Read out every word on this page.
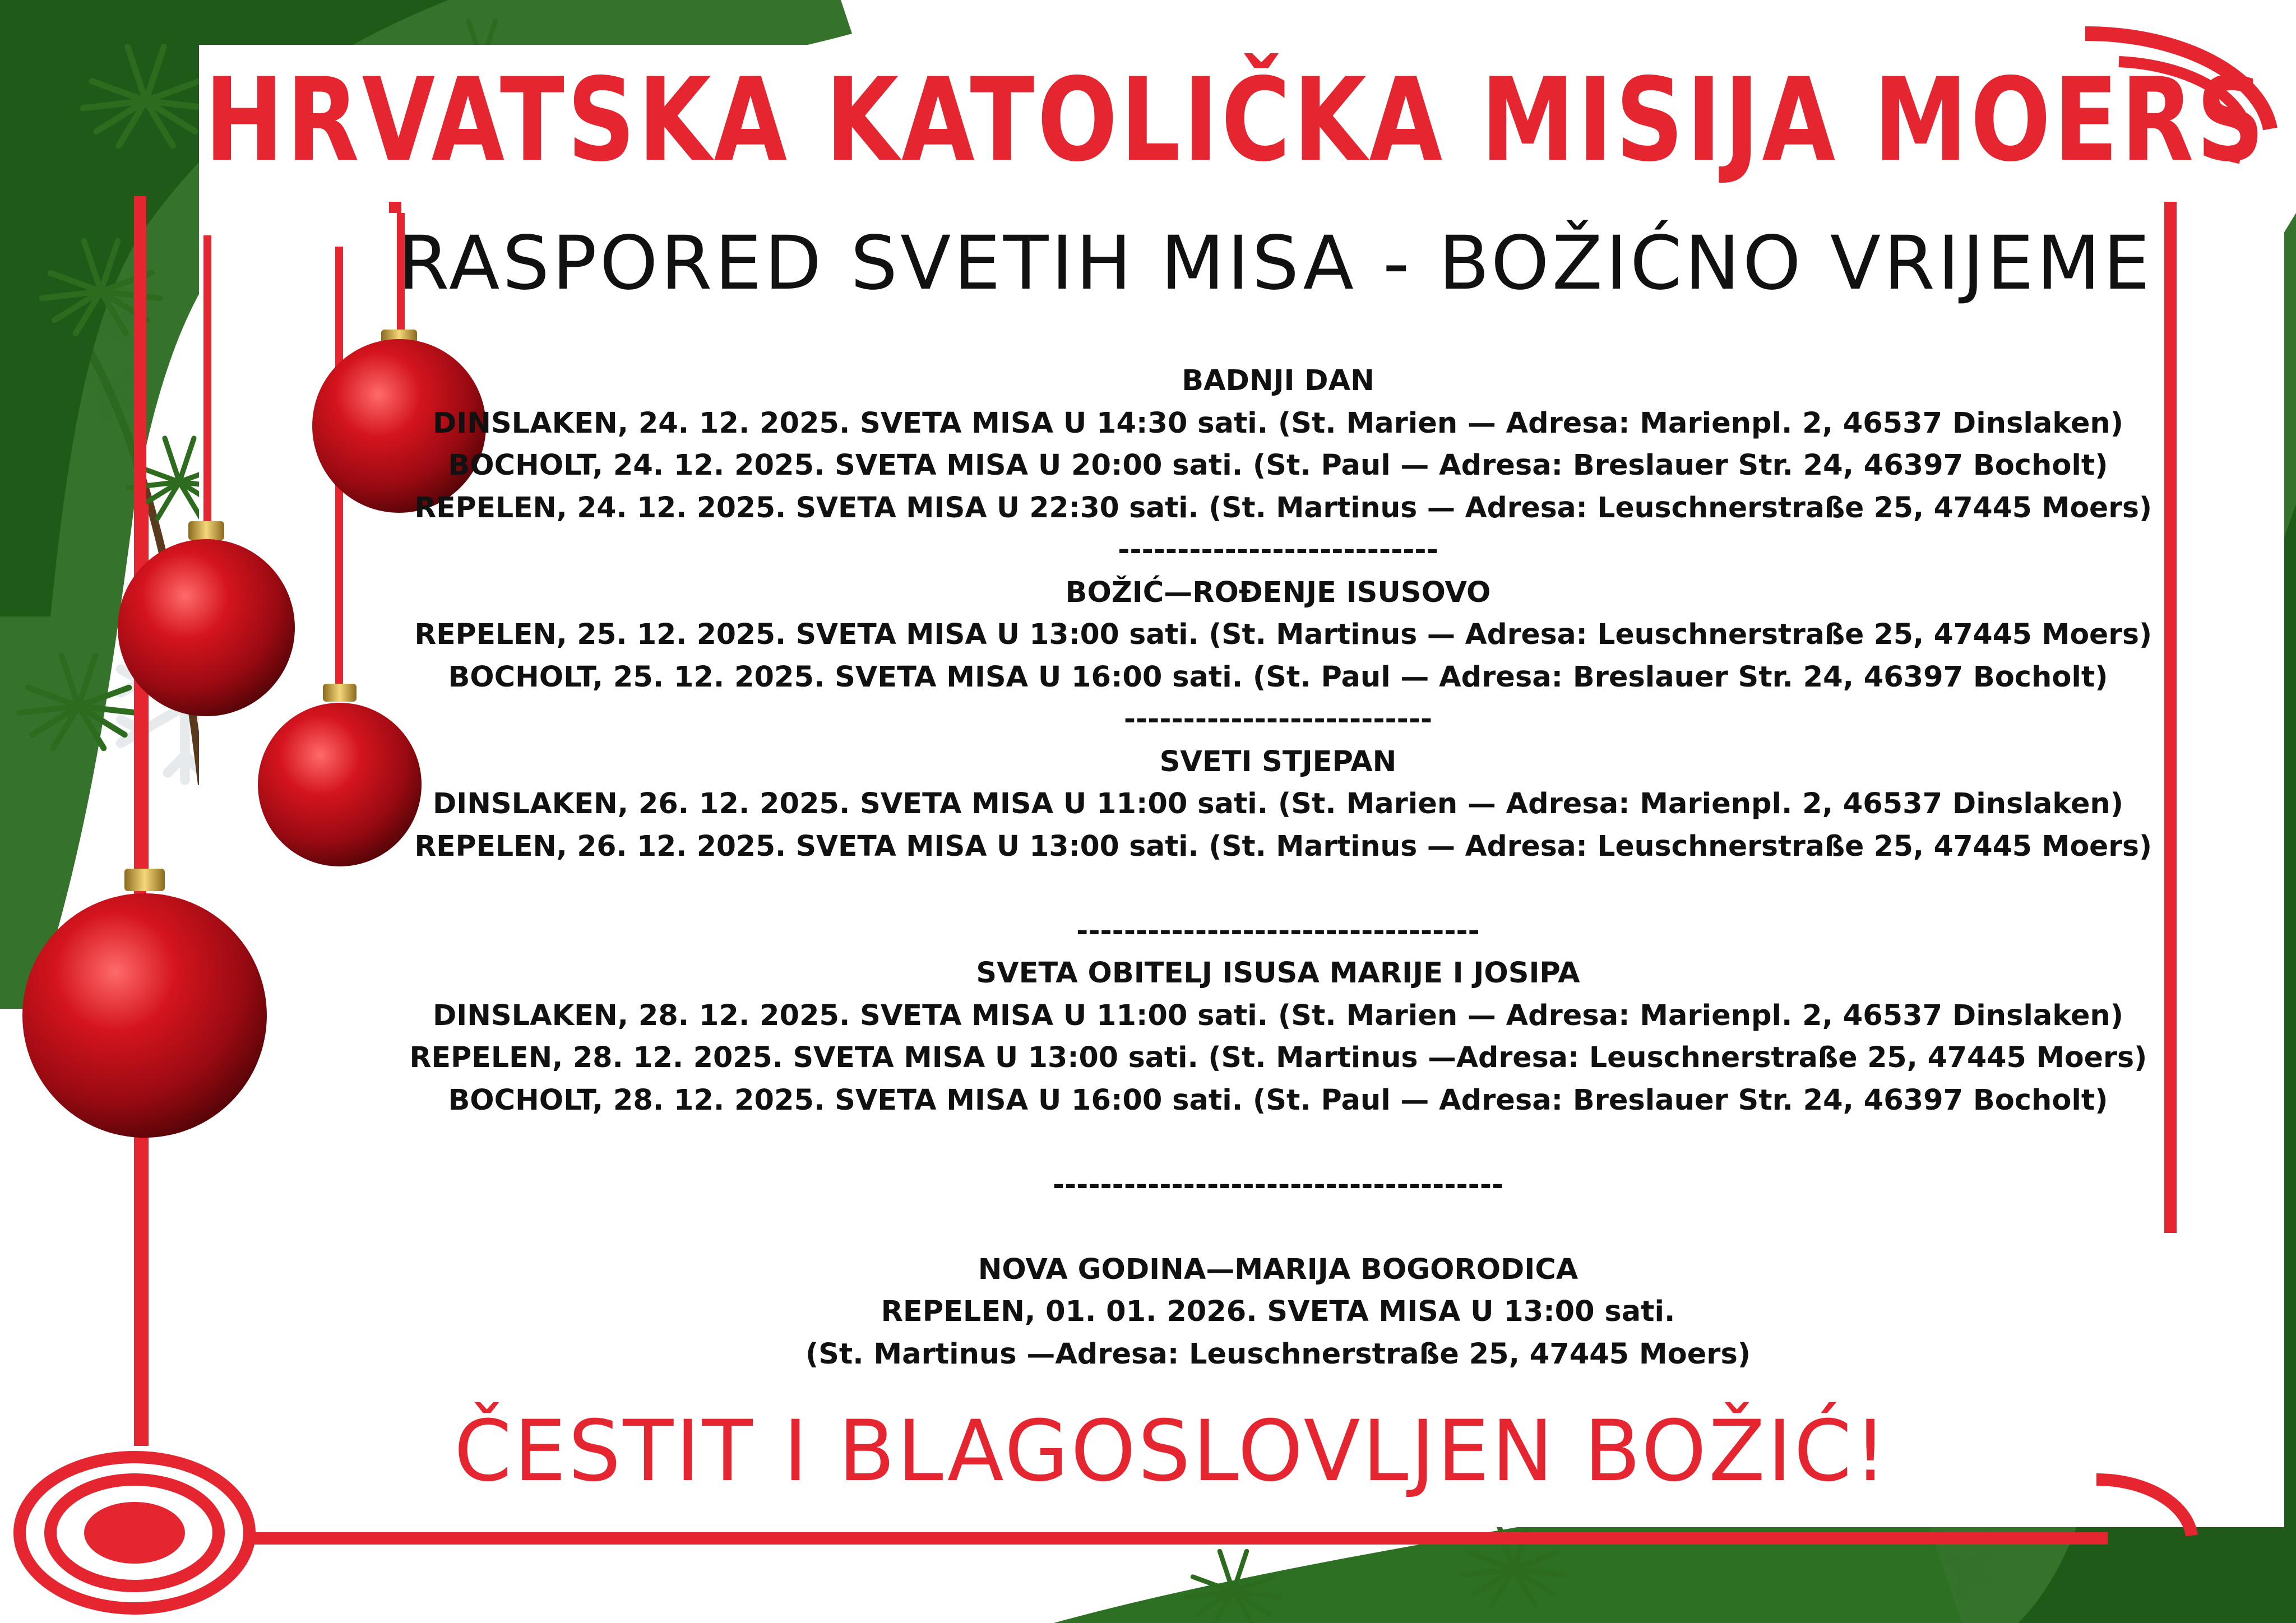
HRVATSKA KATOLIČKA MISIJA MOERS
RASPORED SVETIH MISA - BOŽIĆNO VRIJEME
BADNJI DAN
DINSLAKEN, 24. 12. 2025. SVETA MISA U 14:30 sati. (St. Marien — Adresa: Marienpl. 2, 46537 Dinslaken)
BOCHOLT, 24. 12. 2025. SVETA MISA U 20:00 sati. (St. Paul — Adresa: Breslauer Str. 24, 46397 Bocholt)
REPELEN, 24. 12. 2025. SVETA MISA U 22:30 sati. (St. Martinus — Adresa: Leuschnerstraße 25, 47445 Moers)
---------------------------
BOŽIĆ—ROĐENJE ISUSOVO
REPELEN, 25. 12. 2025. SVETA MISA U 13:00 sati. (St. Martinus — Adresa: Leuschnerstraße 25, 47445 Moers)
BOCHOLT, 25. 12. 2025. SVETA MISA U 16:00 sati. (St. Paul — Adresa: Breslauer Str. 24, 46397 Bocholt)
--------------------------
SVETI STJEPAN
DINSLAKEN, 26. 12. 2025. SVETA MISA U 11:00 sati. (St. Marien — Adresa: Marienpl. 2, 46537 Dinslaken)
REPELEN, 26. 12. 2025. SVETA MISA U 13:00 sati. (St. Martinus — Adresa: Leuschnerstraße 25, 47445 Moers)
----------------------------------
SVETA OBITELJ ISUSA MARIJE I JOSIPA
DINSLAKEN, 28. 12. 2025. SVETA MISA U 11:00 sati. (St. Marien — Adresa: Marienpl. 2, 46537 Dinslaken)
REPELEN, 28. 12. 2025. SVETA MISA U 13:00 sati. (St. Martinus —Adresa: Leuschnerstraße 25, 47445 Moers)
BOCHOLT, 28. 12. 2025. SVETA MISA U 16:00 sati. (St. Paul — Adresa: Breslauer Str. 24, 46397 Bocholt)
--------------------------------------
NOVA GODINA—MARIJA BOGORODICA
REPELEN, 01. 01. 2026. SVETA MISA U 13:00 sati.
(St. Martinus —Adresa: Leuschnerstraße 25, 47445 Moers)
ČESTIT I BLAGOSLOVLJEN BOŽIĆ!
